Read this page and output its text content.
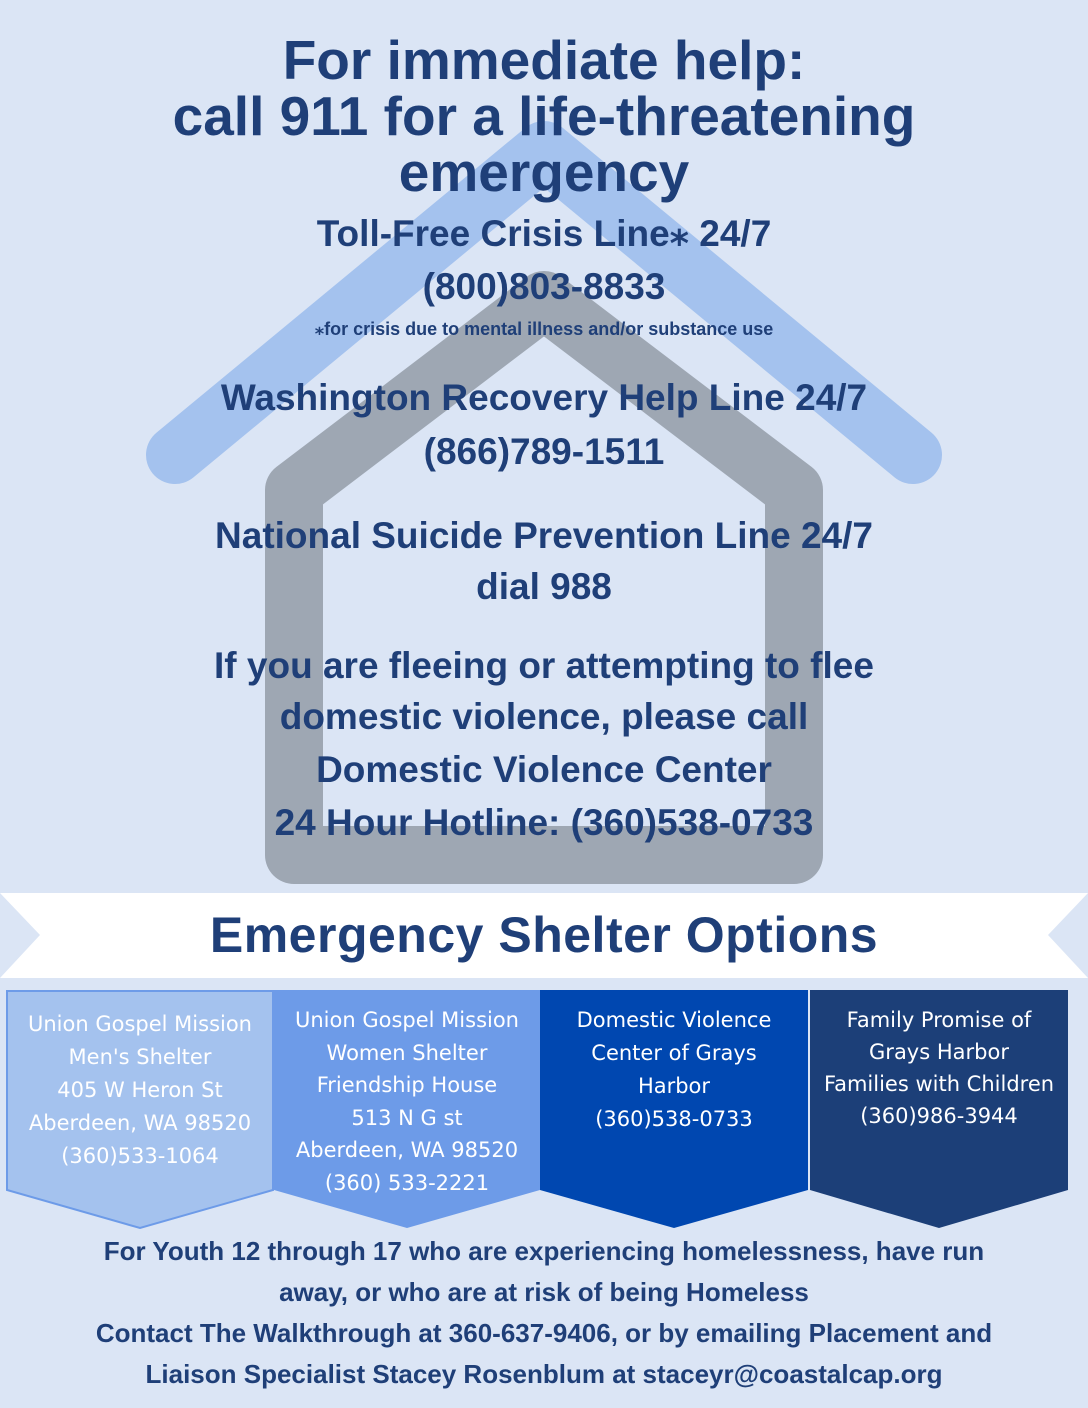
For immediate help:
call 911 for a life-threatening
emergency
Toll-Free Crisis Line⁎ 24/7
(800)803-8833
⁎for crisis due to mental illness and/or substance use
Washington Recovery Help Line 24/7
(866)789-1511
National Suicide Prevention Line 24/7
dial 988
If you are fleeing or attempting to flee
domestic violence, please call
Domestic Violence Center
24 Hour Hotline: (360)538-0733
Emergency Shelter Options
Union Gospel Mission
Men's Shelter
405 W Heron St
Aberdeen, WA 98520
(360)533-1064
Union Gospel Mission
Women Shelter
Friendship House
513 N G st
Aberdeen, WA 98520
(360) 533-2221
Domestic Violence
Center of Grays
Harbor
(360)538-0733
Family Promise of
Grays Harbor
Families with Children
(360)986-3944
For Youth 12 through 17 who are experiencing homelessness, have run
away, or who are at risk of being Homeless
Contact The Walkthrough at 360-637-9406, or by emailing Placement and
Liaison Specialist Stacey Rosenblum at staceyr@coastalcap.org
